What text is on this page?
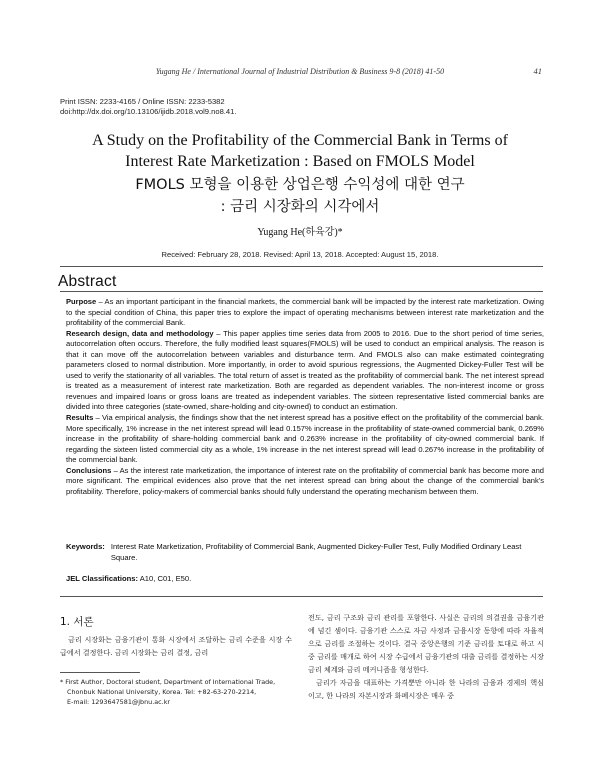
Yugang He / International Journal of Industrial Distribution & Business 9-8 (2018) 41-50	41
Print ISSN: 2233-4165 / Online ISSN: 2233-5382
doi:http://dx.doi.org/10.13106/ijidb.2018.vol9.no8.41.
A Study on the Profitability of the Commercial Bank in Terms of
Interest Rate Marketization : Based on FMOLS Model
FMOLS 모형을 이용한 상업은행 수익성에 대한 연구
: 금리 시장화의 시각에서
Yugang He(하육강)*
Received: February 28, 2018. Revised: April 13, 2018. Accepted: August 15, 2018.
Abstract

Purpose – As an important participant in the financial markets, the commercial bank will be impacted by the interest rate marketization. Owing to the special condition of China, this paper tries to explore the impact of operating mechanisms between interest rate marketization and the profitability of the commercial Bank.

Research design, data and methodology – This paper applies time series data from 2005 to 2016. Due to the short period of time series, autocorrelation often occurs. Therefore, the fully modified least squares(FMOLS) will be used to conduct an empirical analysis. The reason is that it can move off the autocorrelation between variables and disturbance term. And FMOLS also can make estimated cointegrating parameters closed to normal distribution. More importantly, in order to avoid spurious regressions, the Augmented Dickey-Fuller Test will be used to verify the stationarity of all variables. The total return of asset is treated as the profitability of commercial bank. The net interest spread is treated as a measurement of interest rate marketization. Both are regarded as dependent variables. The non-interest income or gross revenues and impaired loans or gross loans are treated as independent variables. The sixteen representative listed commercial banks are divided into three categories (state-owned, share-holding and city-owned) to conduct an estimation.

Results – Via empirical analysis, the findings show that the net interest spread has a positive effect on the profitability of the commercial bank. More specifically, 1% increase in the net interest spread will lead 0.157% increase in the profitability of state-owned commercial bank, 0.269% increase in the profitability of share-holding commercial bank and 0.263% increase in the profitability of city-owned commercial bank. If regarding the sixteen listed commercial city as a whole, 1% increase in the net interest spread will lead 0.267% increase in the profitability of the commercial bank.

Conclusions – As the interest rate marketization, the importance of interest rate on the profitability of commercial bank has become more and more significant. The empirical evidences also prove that the net interest spread can bring about the change of the commercial bank's profitability. Therefore, policy-makers of commercial banks should fully understand the operating mechanism between them.

Keywords: Interest Rate Marketization, Profitability of Commercial Bank, Augmented Dickey-Fuller Test, Fully Modified Ordinary Least Square.
JEL Classifications: A10, C01, E50.
1. 서론
금리 시장화는 금융기관이 통화 시장에서 조달하는 금리 수준을 시장 수급에서 결정한다. 금리 시장화는 금리 결정, 금리
전도, 금리 구조와 금리 관리를 포함한다. 사실은 금리의 의결권을 금융기관에 넘긴 셈이다. 금융기관 스스로 자금 사정과 금융시장 동향에 따라 자율적으로 금리를 조절하는 것이다. 결국 중앙은행의 기준 금리를 토대로 하고 시중 금리를 매개로 하여 시장 수급에서 금융기관의 대출 금리를 결정하는 시장금리 체계와 금리 메커니즘을 형성한다.
금리가 자금을 대표하는 가격뿐만 아니라 한 나라의 금융과 경제의 핵심 이고, 한 나라의 자본시장과 화폐시장은 매우 중
* First Author, Doctoral student, Department of International Trade,
Chonbuk National University, Korea. Tel: +82-63-270-2214,
E-mail: 1293647581@jbnu.ac.kr
